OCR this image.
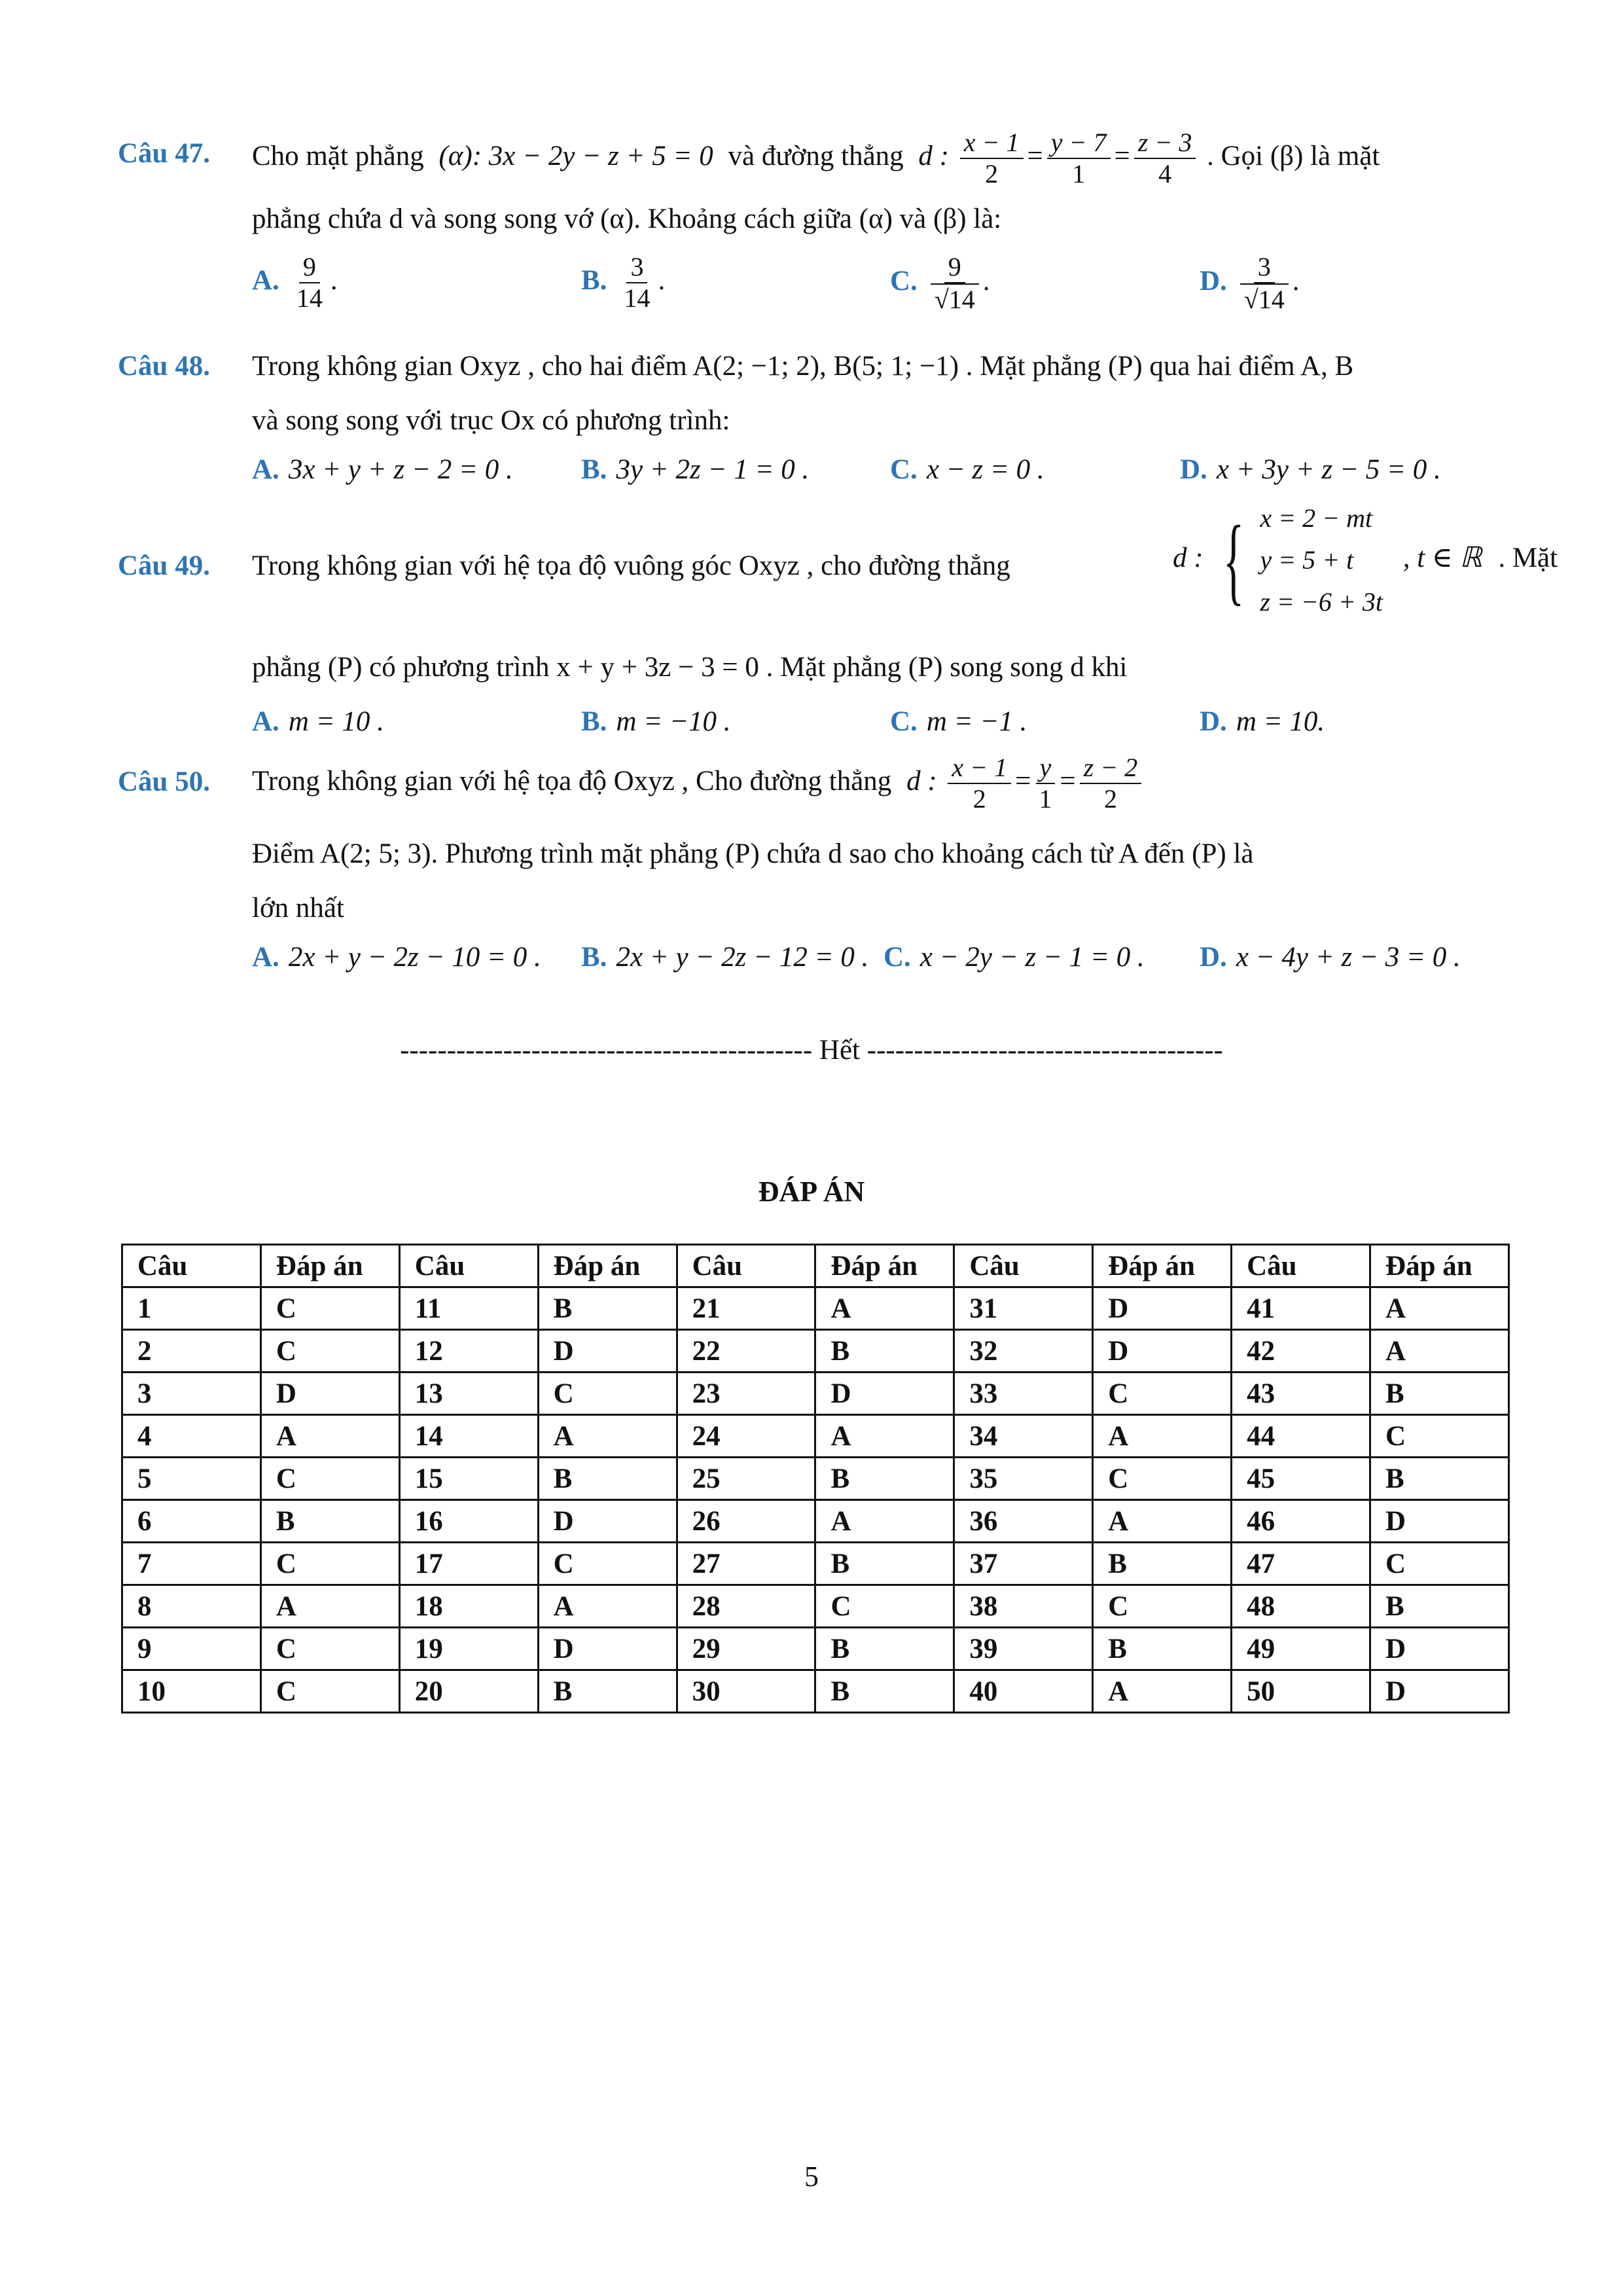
Câu 47. Cho mặt phẳng (α): 3x − 2y − z + 5 = 0 và đường thẳng d : $\frac{x - 1}{2} = \frac{y - 7}{1} = \frac{z - 3}{4}$ . Gọi (β) là mặt
phẳng chứa d và song song vớ (α). Khoảng cách giữa (α) và (β) là:
A. $\frac{9}{14}$ .	B. $\frac{3}{14}$ .	C. $\frac{9}{√14}$ .	D. $\frac{3}{√14}$ .
Câu 48. Trong không gian Oxyz , cho hai điểm A(2; −1; 2), B(5; 1; −1) . Mặt phẳng (P) qua hai điểm A, B
và song song với trục Ox có phương trình:
A. 3x + y + z − 2 = 0 . B. 3y + 2z − 1 = 0 .	C. x − z = 0 .	D. x + 3y + z − 5 = 0 .
Câu 49. Trong không gian với hệ tọa độ vuông góc Oxyz , cho đường thẳng	d : { x = 2 − mt
y = 5 + t
z = −6 + 3t
, t ∈ ℝ . Mặt
phẳng (P) có phương trình x + y + 3z − 3 = 0 . Mặt phẳng (P) song song d khi
A. m = 10 .	B. m = −10 .	C. m = −1 .	D. m = 10.
Câu 50. Trong không gian với hệ tọa độ Oxyz , Cho đường thẳng d : $\frac{x - 1}{2} = \frac{y}{1} = \frac{z - 2}{2}$
Điểm A(2; 5; 3). Phương trình mặt phẳng (P) chứa d sao cho khoảng cách từ A đến (P) là
lớn nhất
A. 2x + y − 2z − 10 = 0 . B. 2x + y − 2z − 12 = 0 . C. x − 2y − z − 1 = 0 . D. x − 4y + z − 3 = 0 .
-------------------------------------------- Hết --------------------------------------
ĐÁP ÁN
Câu	Đáp án	Câu	Đáp án	Câu	Đáp án	Câu	Đáp án	Câu	Đáp án
1	C	11	B	21	A	31	D	41	A
2	C	12	D	22	B	32	D	42	A
3	D	13	C	23	D	33	C	43	B
4	A	14	A	24	A	34	A	44	C
5	C	15	B	25	B	35	C	45	B
6	B	16	D	26	A	36	A	46	D
7	C	17	C	27	B	37	B	47	C
8	A	18	A	28	C	38	C	48	B
9	C	19	D	29	B	39	B	49	D
10	C	20	B	30	B	40	A	50	D
5
